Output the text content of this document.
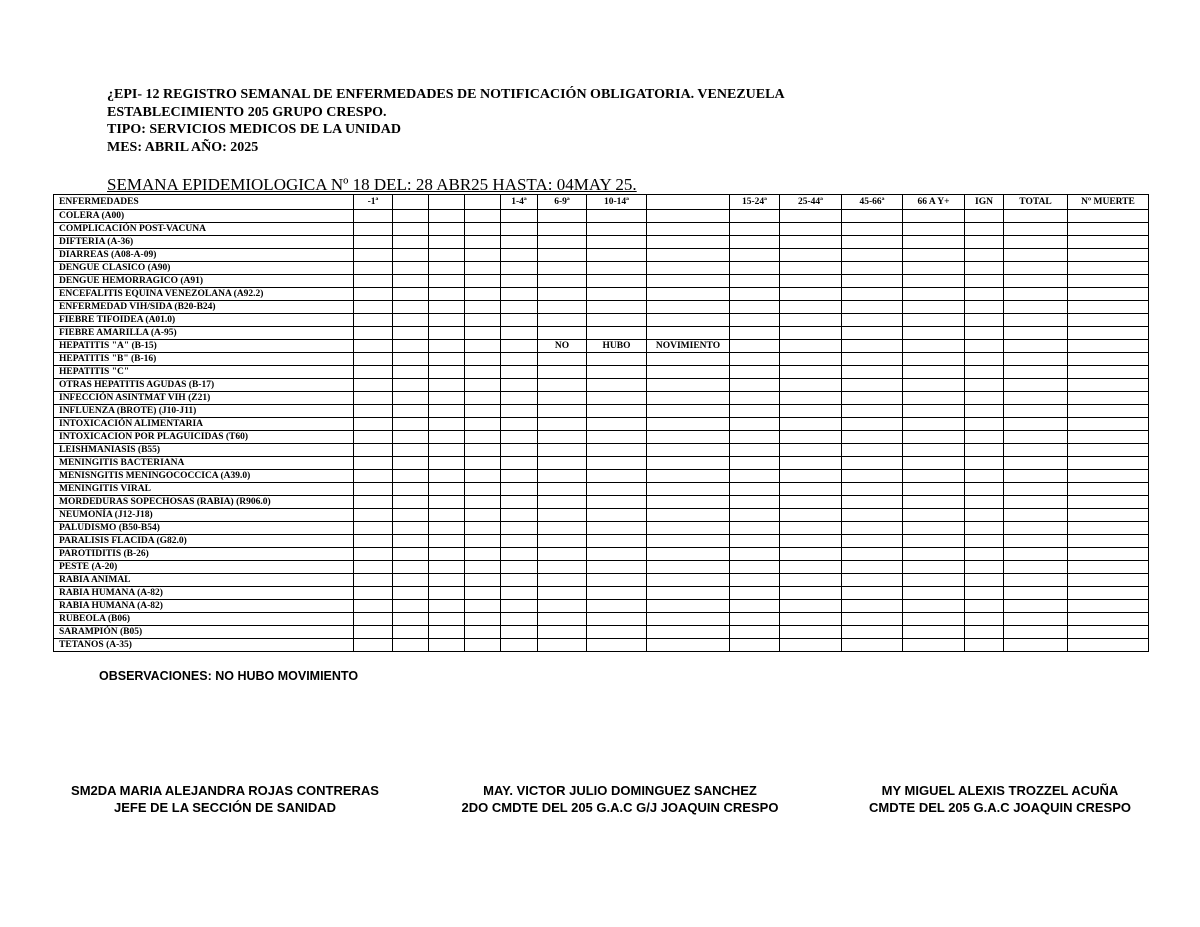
¿EPI- 12 REGISTRO SEMANAL DE ENFERMEDADES DE NOTIFICACIÓN OBLIGATORIA. VENEZUELA
ESTABLECIMIENTO 205 GRUPO CRESPO.
TIPO: SERVICIOS MEDICOS DE LA UNIDAD
MES: ABRIL AÑO: 2025
SEMANA EPIDEMIOLOGICA Nº 18 DEL: 28 ABR25 HASTA: 04MAY 25.
ENFERMEDADES	-1ª				1-4ª	6-9ª	10-14ª		15-24ª	25-44ª	45-66ª	66 A Y+	IGN	TOTAL	Nº MUERTE
COLERA (A00)															
COMPLICACIÓN POST-VACUNA															
DIFTERIA (A-36)															
DIARREAS (A08-A-09)															
DENGUE CLASICO (A90)															
DENGUE HEMORRAGICO (A91)															
ENCEFALITIS EQUINA VENEZOLANA (A92.2)															
ENFERMEDAD VIH/SIDA (B20-B24)															
FIEBRE TIFOIDEA (A01.0)															
FIEBRE AMARILLA (A-95)															
HEPATITIS "A" (B-15)						NO	HUBO	NOVIMIENTO							
HEPATITIS "B" (B-16)															
HEPATITIS "C"															
OTRAS HEPATITIS AGUDAS (B-17)															
INFECCIÓN ASINTMAT VIH (Z21)															
INFLUENZA (BROTE) (J10-J11)															
INTOXICACIÓN ALIMENTARIA															
INTOXICACION POR PLAGUICIDAS (T60)															
LEISHMANIASIS (B55)															
MENINGITIS BACTERIANA															
MENISNGITIS MENINGOCOCCICA (A39.0)															
MENINGITIS VIRAL															
MORDEDURAS SOPECHOSAS (RABIA) (R906.0)															
NEUMONÍA (J12-J18)															
PALUDISMO (B50-B54)															
PARALISIS FLACIDA (G82.0)															
PAROTIDITIS (B-26)															
PESTE (A-20)															
RABIA ANIMAL															
RABIA HUMANA (A-82)															
RABIA HUMANA (A-82)															
RUBEOLA (B06)															
SARAMPIÓN (B05)															
TETANOS (A-35)															
OBSERVACIONES: NO HUBO MOVIMIENTO
SM2DA MARIA ALEJANDRA ROJAS CONTRERAS
JEFE DE LA SECCIÓN DE SANIDAD
MAY. VICTOR JULIO DOMINGUEZ SANCHEZ
2DO CMDTE DEL 205 G.A.C G/J JOAQUIN CRESPO
MY MIGUEL ALEXIS TROZZEL ACUÑA
CMDTE DEL 205 G.A.C JOAQUIN CRESPO
